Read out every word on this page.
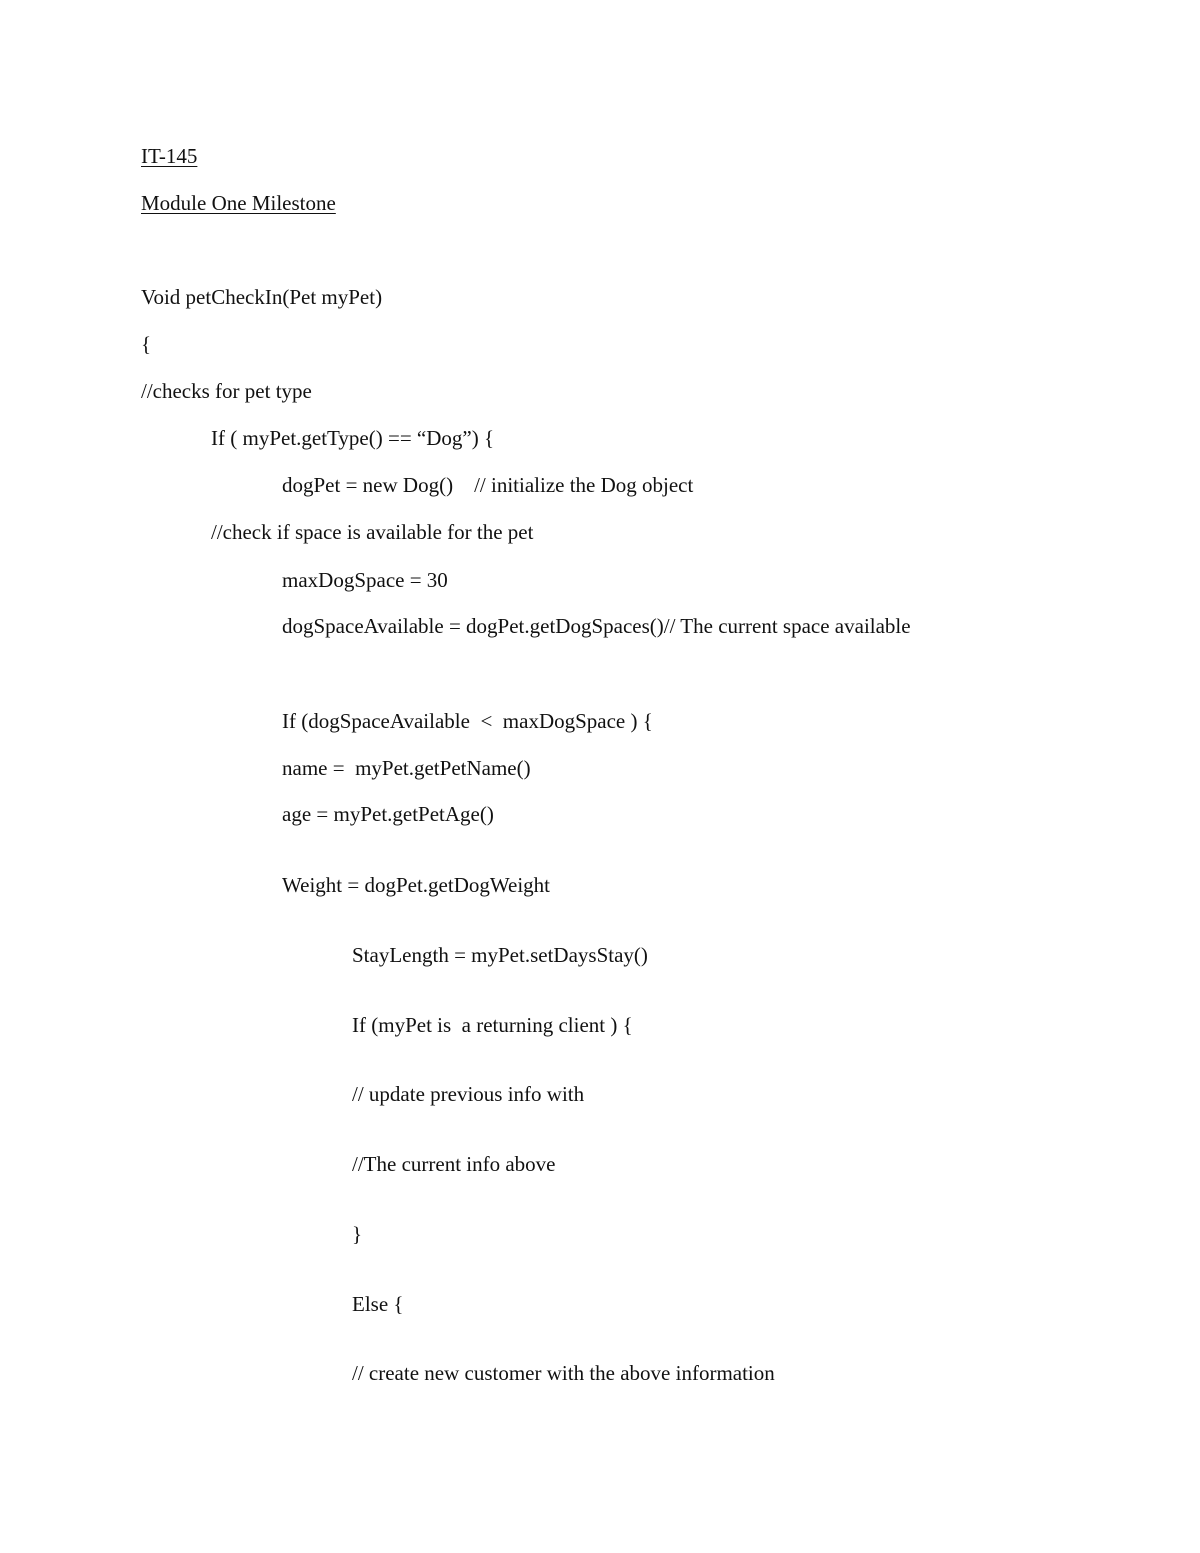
IT-145
Module One Milestone
Void petCheckIn(Pet myPet)
{
//checks for pet type
If ( myPet.getType() == “Dog”) {
dogPet = new Dog()    // initialize the Dog object
//check if space is available for the pet
maxDogSpace = 30
dogSpaceAvailable = dogPet.getDogSpaces()// The current space available
If (dogSpaceAvailable  <  maxDogSpace ) {
name =  myPet.getPetName()
age = myPet.getPetAge()
Weight = dogPet.getDogWeight
StayLength = myPet.setDaysStay()
If (myPet is  a returning client ) {
// update previous info with
//The current info above
}
Else {
// create new customer with the above information
